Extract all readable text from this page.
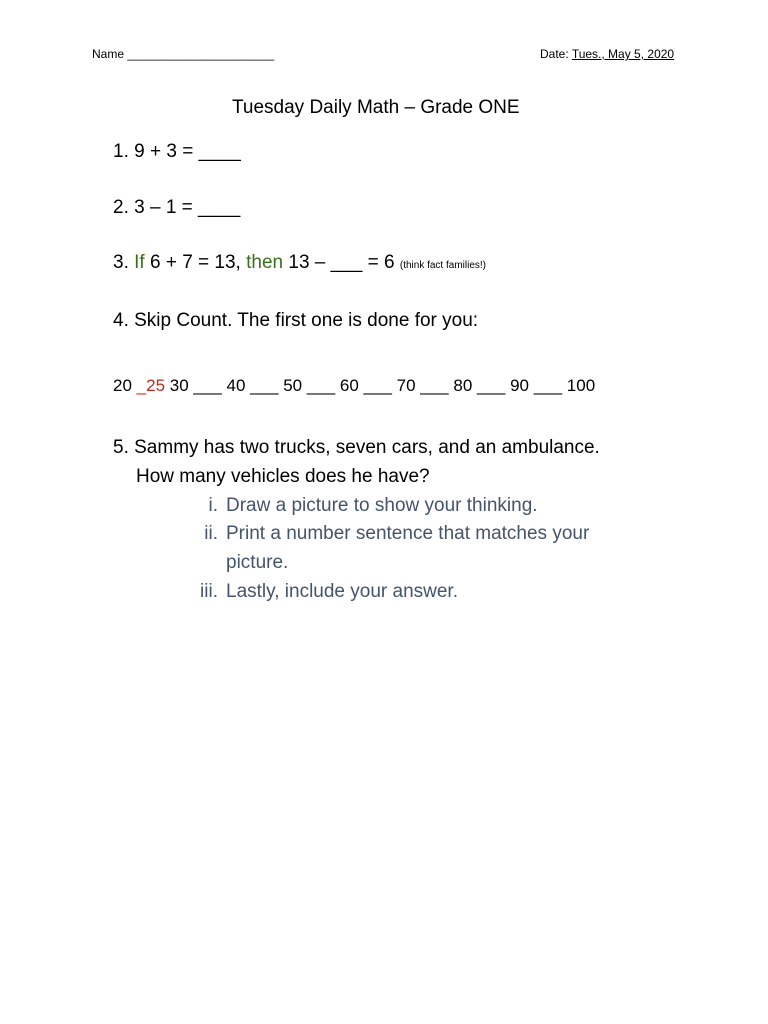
Name ______________________	Date: Tues., May 5, 2020
Tuesday Daily Math – Grade ONE
1. 9 + 3 = ____
2. 3 – 1 = ____
3. If 6 + 7 = 13, then 13 – ___ = 6 (think fact families!)
4. Skip Count. The first one is done for you:
20 _25 30 ___ 40 ___ 50 ___ 60 ___ 70 ___ 80 ___ 90 ___ 100
5. Sammy has two trucks, seven cars, and an ambulance.
How many vehicles does he have?
i. Draw a picture to show your thinking.
ii. Print a number sentence that matches your
picture.
iii. Lastly, include your answer.
